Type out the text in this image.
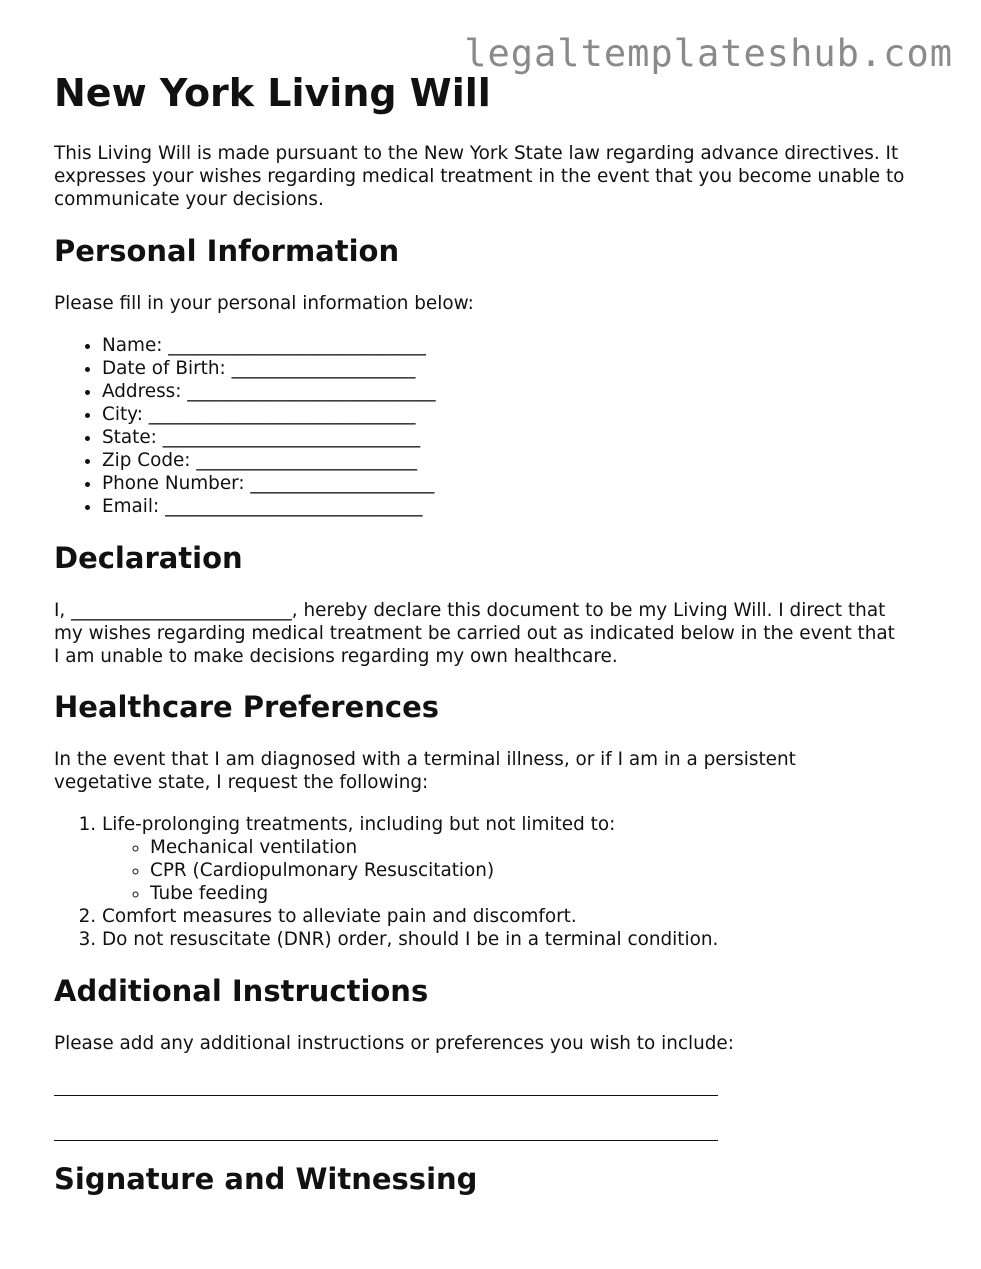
legaltemplateshub.com
New York Living Will

This Living Will is made pursuant to the New York State law regarding advance directives. It expresses your wishes regarding medical treatment in the event that you become unable to communicate your decisions.

Personal Information

Please fill in your personal information below:

• Name: ____________________________
• Date of Birth: ____________________
• Address: ___________________________
• City: _____________________________
• State: ____________________________
• Zip Code: ________________________
• Phone Number: ____________________
• Email: ____________________________
Declaration

I, ________________________, hereby declare this document to be my Living Will. I direct that my wishes regarding medical treatment be carried out as indicated below in the event that I am unable to make decisions regarding my own healthcare.

Healthcare Preferences

In the event that I am diagnosed with a terminal illness, or if I am in a persistent vegetative state, I request the following:

1. Life-prolonging treatments, including but not limited to:
◦ Mechanical ventilation
◦ CPR (Cardiopulmonary Resuscitation)
◦ Tube feeding
2. Comfort measures to alleviate pain and discomfort.
3. Do not resuscitate (DNR) order, should I be in a terminal condition.
Additional Instructions

Please add any additional instructions or preferences you wish to include:

Signature and Witnessing
